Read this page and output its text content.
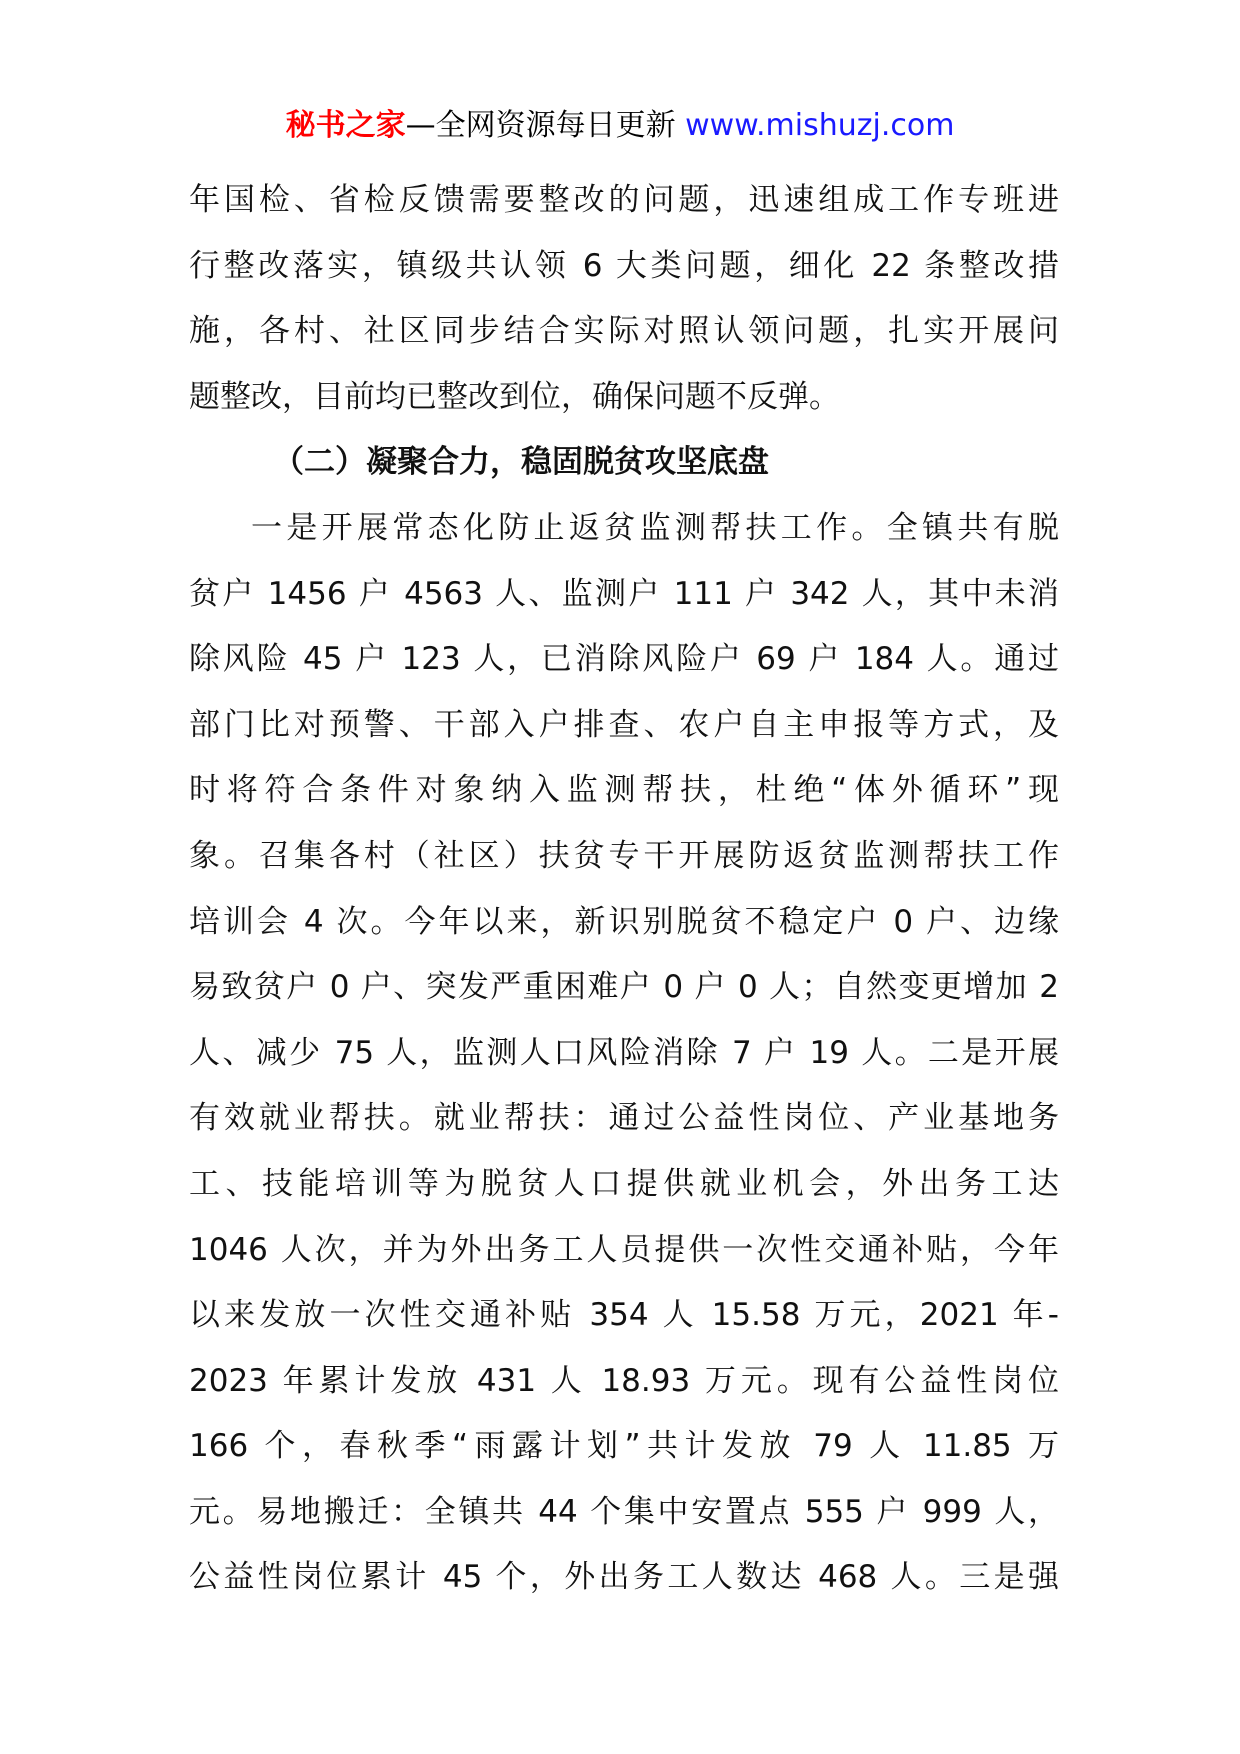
秘书之家—全网资源每日更新 www.mishuzj.com
年国检、省检反馈需要整改的问题，迅速组成工作专班进
行整改落实，镇级共认领 6 大类问题，细化 22 条整改措
施，各村、社区同步结合实际对照认领问题，扎实开展问
题整改，目前均已整改到位，确保问题不反弹。
（二）凝聚合力，稳固脱贫攻坚底盘
一是开展常态化防止返贫监测帮扶工作。全镇共有脱
贫户 1456 户 4563 人、监测户 111 户 342 人，其中未消
除风险 45 户 123 人，已消除风险户 69 户 184 人。通过
部门比对预警、干部入户排查、农户自主申报等方式，及
时将符合条件对象纳入监测帮扶，杜绝“体外循环”现
象。召集各村（社区）扶贫专干开展防返贫监测帮扶工作
培训会 4 次。今年以来，新识别脱贫不稳定户 0 户、边缘
易致贫户 0 户、突发严重困难户 0 户 0 人；自然变更增加 2
人、减少 75 人，监测人口风险消除 7 户 19 人。二是开展
有效就业帮扶。就业帮扶：通过公益性岗位、产业基地务
工、技能培训等为脱贫人口提供就业机会，外出务工达
1046 人次，并为外出务工人员提供一次性交通补贴，今年
以来发放一次性交通补贴 354 人 15.58 万元，2021 年-
2023 年累计发放 431 人 18.93 万元。现有公益性岗位
166 个，春秋季“雨露计划”共计发放 79 人 11.85 万
元。易地搬迁：全镇共 44 个集中安置点 555 户 999 人，
公益性岗位累计 45 个，外出务工人数达 468 人。三是强
